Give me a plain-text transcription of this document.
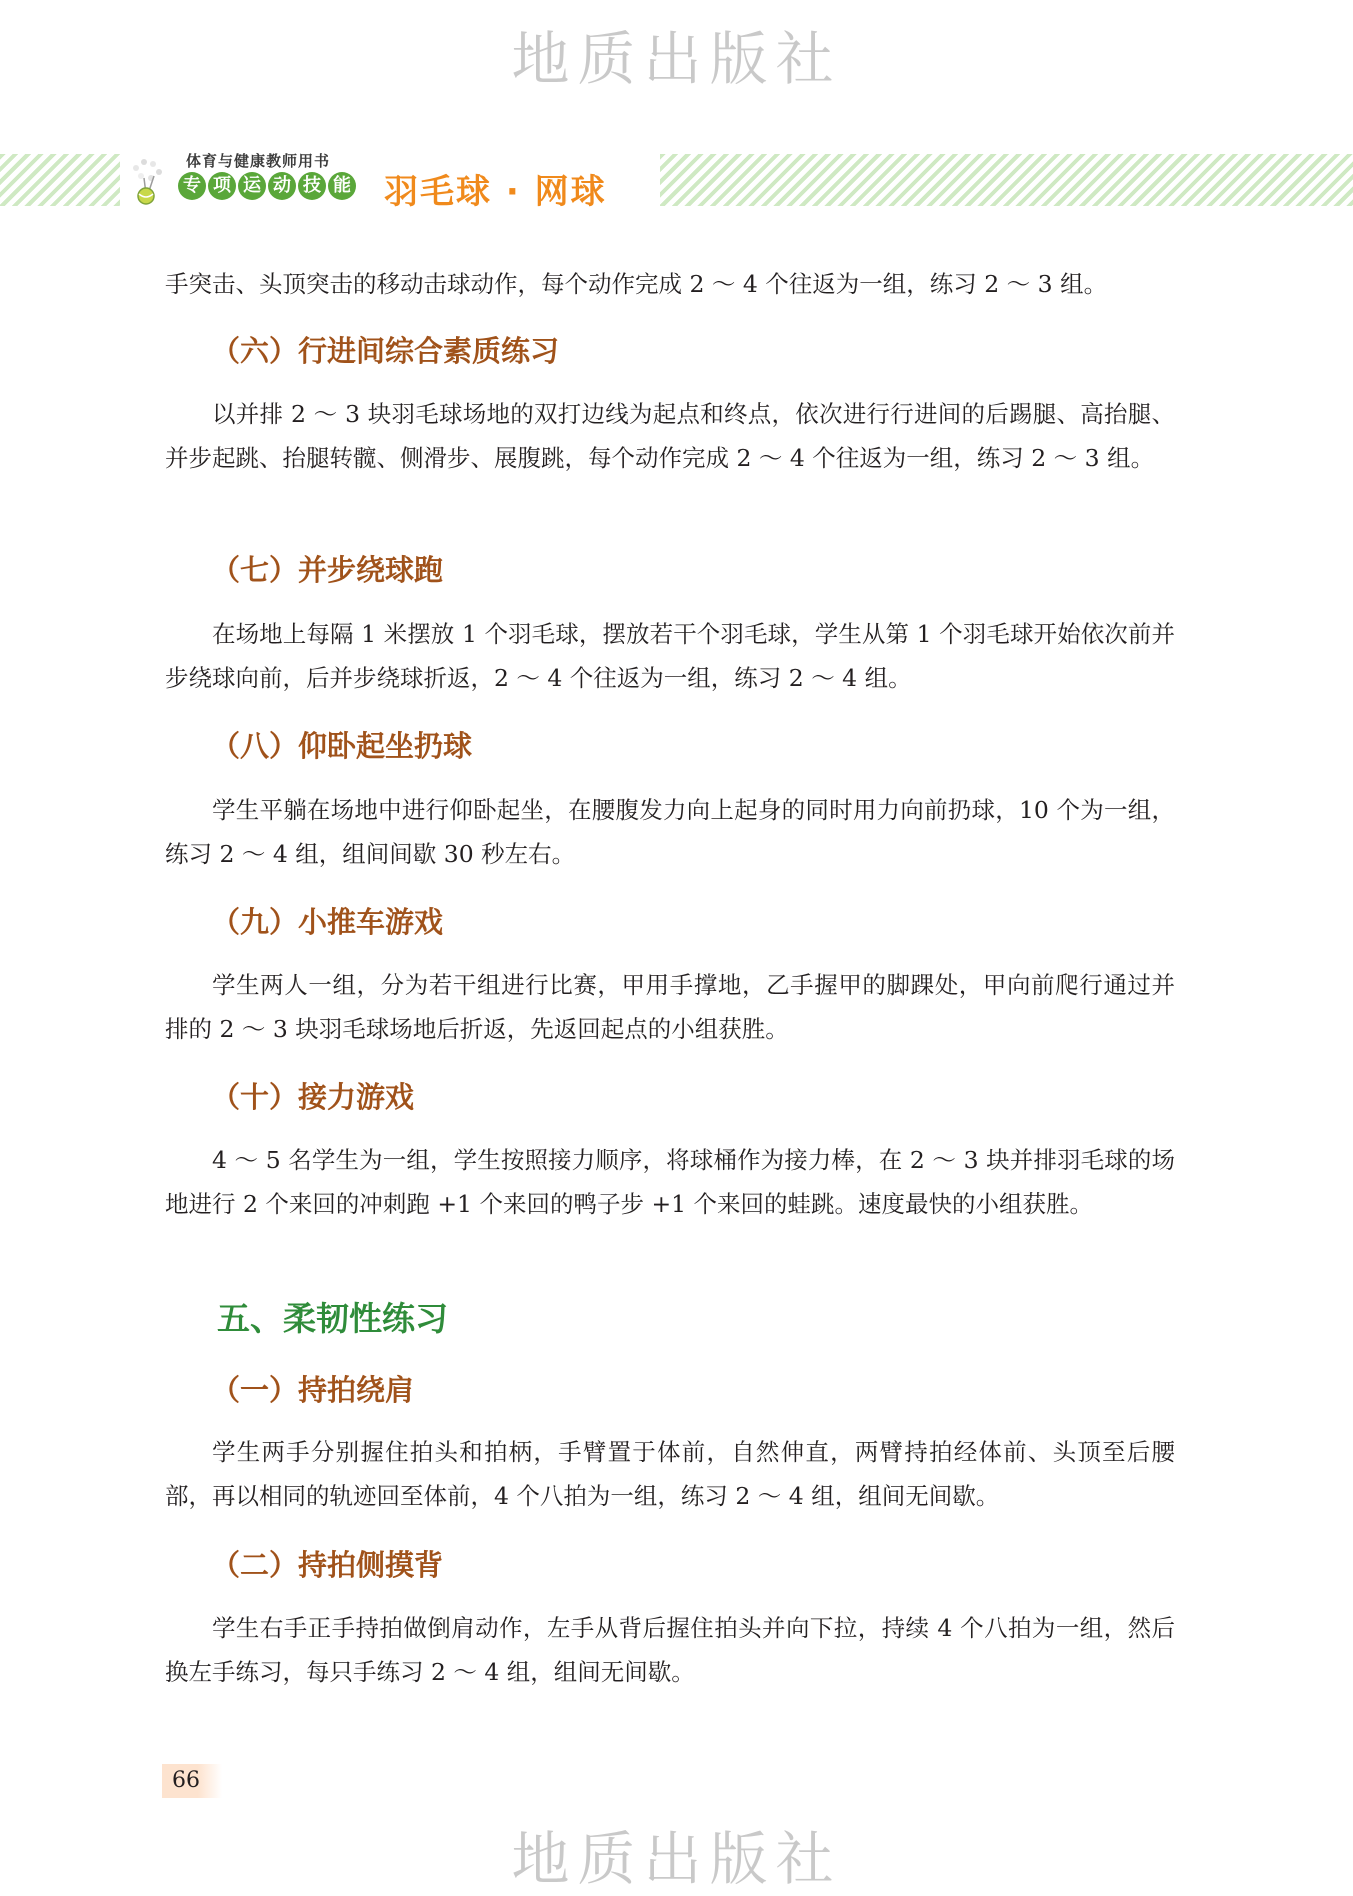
地质出版社
体育与健康教师用书
专 项 运 动 技 能 羽毛球 · 网球

手突击、头顶突击的移动击球动作，每个动作完成 2 ～ 4 个往返为一组，练习 2 ～ 3 组。

（六）行进间综合素质练习

以并排 2 ～ 3 块羽毛球场地的双打边线为起点和终点，依次进行行进间的后踢腿、高抬腿、并步起跳、抬腿转髋、侧滑步、展腹跳，每个动作完成 2 ～ 4 个往返为一组，练习 2 ～ 3 组。

（七）并步绕球跑

在场地上每隔 1 米摆放 1 个羽毛球，摆放若干个羽毛球，学生从第 1 个羽毛球开始依次前并步绕球向前，后并步绕球折返，2 ～ 4 个往返为一组，练习 2 ～ 4 组。

（八）仰卧起坐扔球

学生平躺在场地中进行仰卧起坐，在腰腹发力向上起身的同时用力向前扔球，10 个为一组，练习 2 ～ 4 组，组间间歇 30 秒左右。

（九）小推车游戏

学生两人一组，分为若干组进行比赛，甲用手撑地，乙手握甲的脚踝处，甲向前爬行通过并排的 2 ～ 3 块羽毛球场地后折返，先返回起点的小组获胜。

（十）接力游戏

4 ～ 5 名学生为一组，学生按照接力顺序，将球桶作为接力棒，在 2 ～ 3 块并排羽毛球的场地进行 2 个来回的冲刺跑 +1 个来回的鸭子步 +1 个来回的蛙跳。速度最快的小组获胜。

五、柔韧性练习
（一）持拍绕肩

学生两手分别握住拍头和拍柄，手臂置于体前，自然伸直，两臂持拍经体前、头顶至后腰部，再以相同的轨迹回至体前，4 个八拍为一组，练习 2 ～ 4 组，组间无间歇。

（二）持拍侧摸背

学生右手正手持拍做倒肩动作，左手从背后握住拍头并向下拉，持续 4 个八拍为一组，然后换左手练习，每只手练习 2 ～ 4 组，组间无间歇。

66
地质出版社
